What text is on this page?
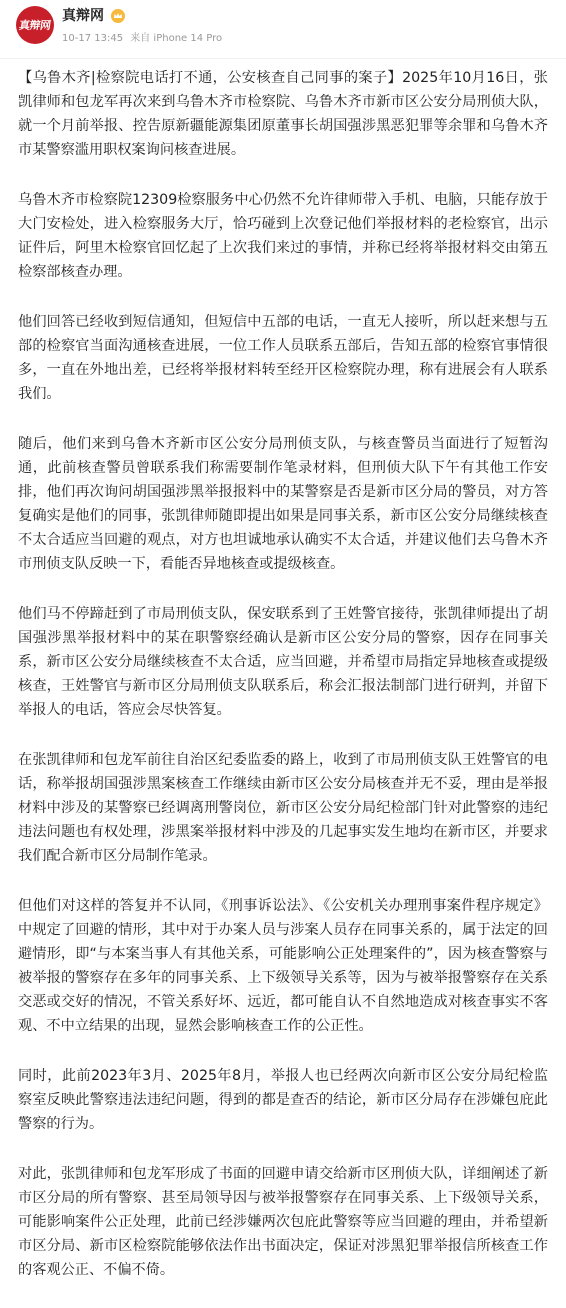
真辩网
真辩网
10-17 13:45 来自 iPhone 14 Pro

【乌鲁木齐|检察院电话打不通，公安核查自己同事的案子】2025年10月16日，张凯律师和包龙军再次来到乌鲁木齐市检察院、乌鲁木齐市新市区公安分局刑侦大队，就一个月前举报、控告原新疆能源集团原董事长胡国强涉黑恶犯罪等余罪和乌鲁木齐市某警察滥用职权案询问核查进展。

乌鲁木齐市检察院12309检察服务中心仍然不允许律师带入手机、电脑，只能存放于大门安检处，进入检察服务大厅，恰巧碰到上次登记他们举报材料的老检察官，出示证件后，阿里木检察官回忆起了上次我们来过的事情，并称已经将举报材料交由第五检察部核查办理。

他们回答已经收到短信通知，但短信中五部的电话，一直无人接听，所以赶来想与五部的检察官当面沟通核查进展，一位工作人员联系五部后，告知五部的检察官事情很多，一直在外地出差，已经将举报材料转至经开区检察院办理，称有进展会有人联系我们。

随后，他们来到乌鲁木齐新市区公安分局刑侦支队，与核查警员当面进行了短暂沟通，此前核查警员曾联系我们称需要制作笔录材料，但刑侦大队下午有其他工作安排，他们再次询问胡国强涉黑举报报料中的某警察是否是新市区分局的警员，对方答复确实是他们的同事，张凯律师随即提出如果是同事关系，新市区公安分局继续核查不太合适应当回避的观点，对方也坦诚地承认确实不太合适，并建议他们去乌鲁木齐市刑侦支队反映一下，看能否异地核查或提级核查。

他们马不停蹄赶到了市局刑侦支队，保安联系到了王姓警官接待，张凯律师提出了胡国强涉黑举报材料中的某在职警察经确认是新市区公安分局的警察，因存在同事关系，新市区公安分局继续核查不太合适，应当回避，并希望市局指定异地核查或提级核查，王姓警官与新市区分局刑侦支队联系后，称会汇报法制部门进行研判，并留下举报人的电话，答应会尽快答复。

在张凯律师和包龙军前往自治区纪委监委的路上，收到了市局刑侦支队王姓警官的电话，称举报胡国强涉黑案核查工作继续由新市区公安分局核查并无不妥，理由是举报材料中涉及的某警察已经调离刑警岗位，新市区公安分局纪检部门针对此警察的违纪违法问题也有权处理，涉黑案举报材料中涉及的几起事实发生地均在新市区，并要求我们配合新市区分局制作笔录。

但他们对这样的答复并不认同，《刑事诉讼法》、《公安机关办理刑事案件程序规定》中规定了回避的情形，其中对于办案人员与涉案人员存在同事关系的，属于法定的回避情形，即“与本案当事人有其他关系，可能影响公正处理案件的”，因为核查警察与被举报的警察存在多年的同事关系、上下级领导关系等，因为与被举报警察存在关系交恶或交好的情况，不管关系好坏、远近，都可能自认不自然地造成对核查事实不客观、不中立结果的出现，显然会影响核查工作的公正性。

同时，此前2023年3月、2025年8月，举报人也已经两次向新市区公安分局纪检监察室反映此警察违法违纪问题，得到的都是查否的结论，新市区分局存在涉嫌包庇此警察的行为。

对此，张凯律师和包龙军形成了书面的回避申请交给新市区刑侦大队，详细阐述了新市区分局的所有警察、甚至局领导因与被举报警察存在同事关系、上下级领导关系，可能影响案件公正处理，此前已经涉嫌两次包庇此警察等应当回避的理由，并希望新市区分局、新市区检察院能够依法作出书面决定，保证对涉黑犯罪举报信所核查工作的客观公正、不偏不倚。
